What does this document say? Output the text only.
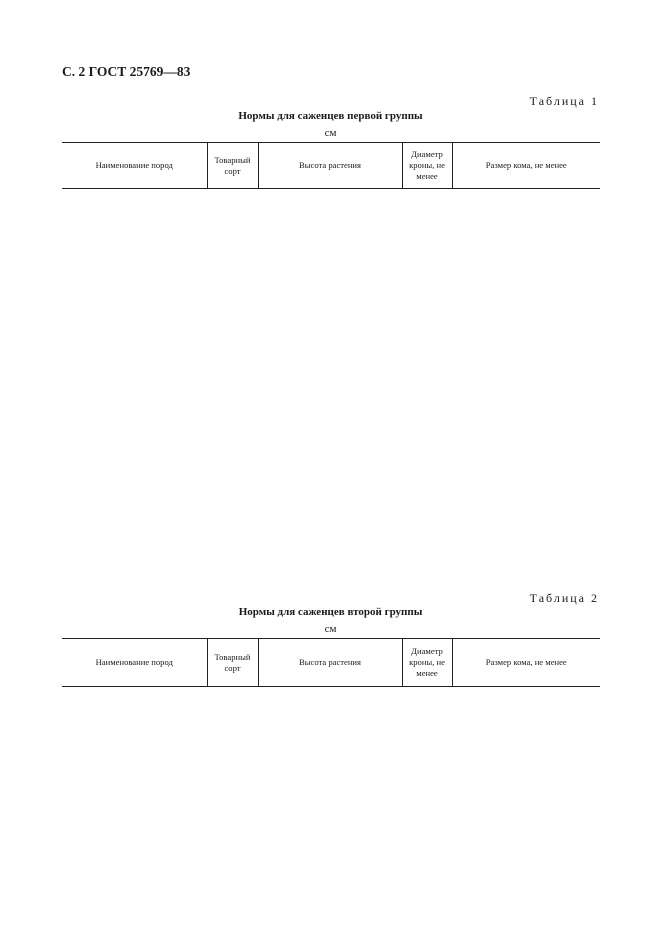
С. 2 ГОСТ 25769—83
Таблица 1
Нормы для саженцев первой группы
см
Наименование пород	Товарный сорт	Высота растения	Диаметр кроны, не менее	Размер кома, не менее
Таблица 2
Нормы для саженцев второй группы
см
Наименование пород	Товарный сорт	Высота растения	Диаметр кроны, не менее	Размер кома, не менее
